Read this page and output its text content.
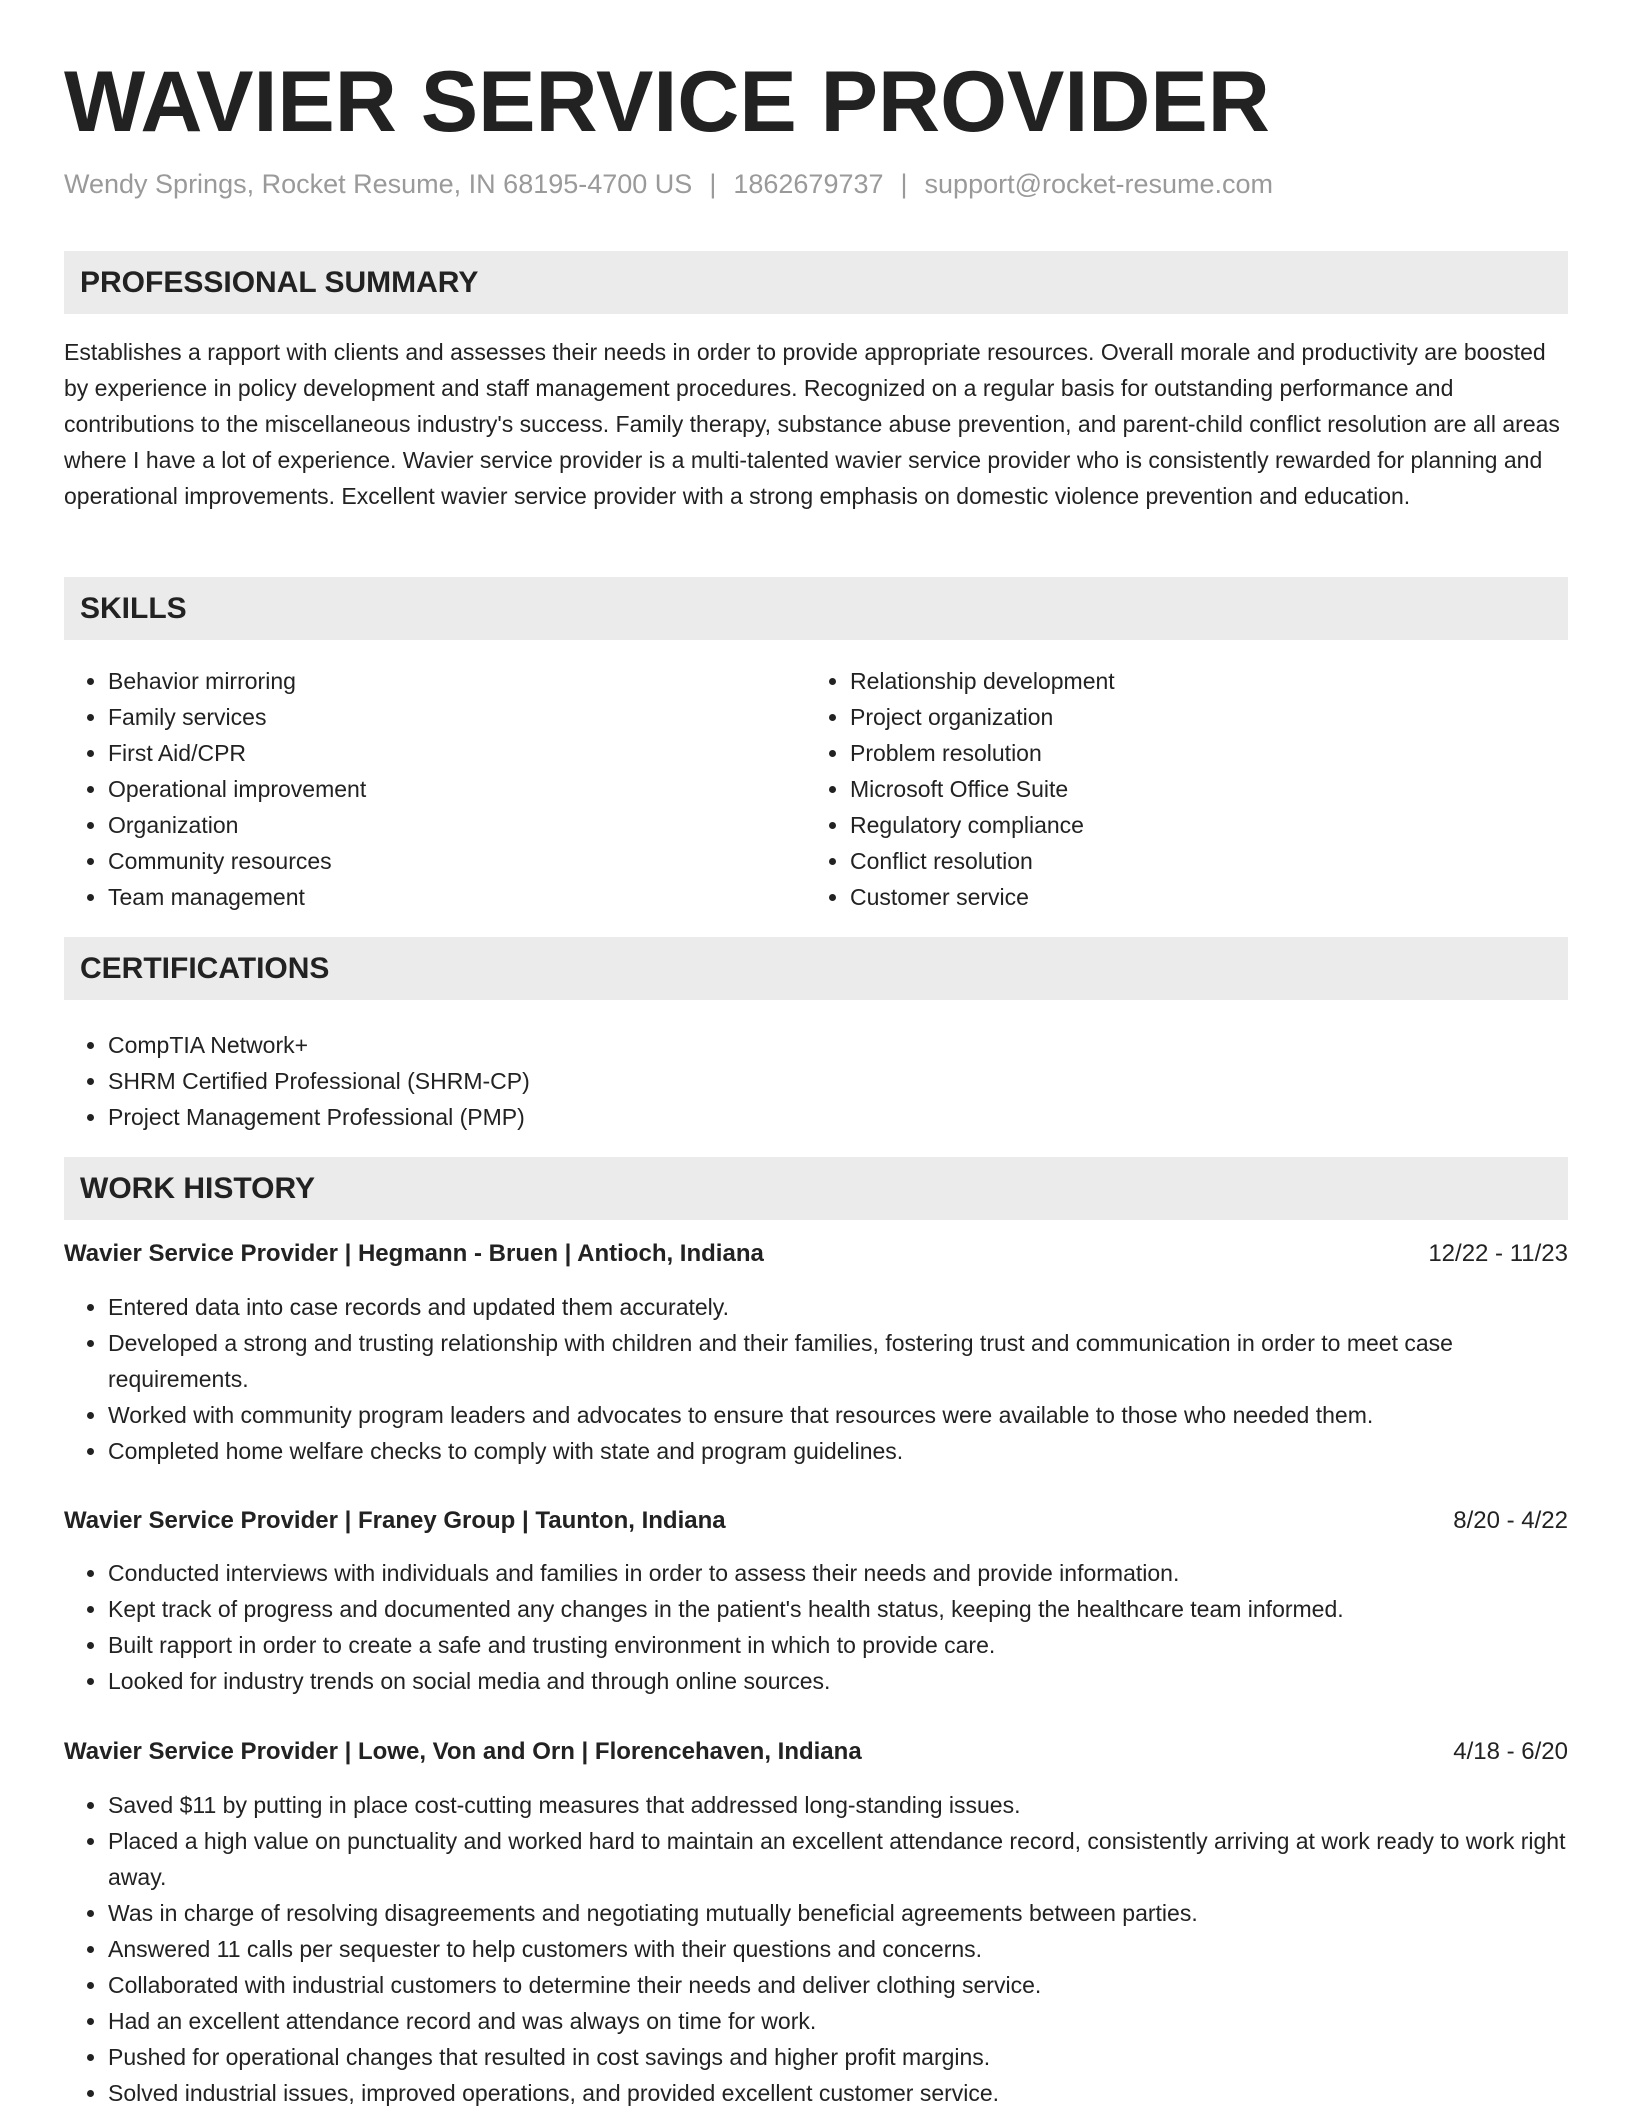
WAVIER SERVICE PROVIDER
Wendy Springs, Rocket Resume, IN 68195-4700 US | 1862679737 | support@rocket-resume.com
PROFESSIONAL SUMMARY

Establishes a rapport with clients and assesses their needs in order to provide appropriate resources. Overall morale and productivity are boosted by experience in policy development and staff management procedures. Recognized on a regular basis for outstanding performance and contributions to the miscellaneous industry's success. Family therapy, substance abuse prevention, and parent-child conflict resolution are all areas where I have a lot of experience. Wavier service provider is a multi-talented wavier service provider who is consistently rewarded for planning and operational improvements. Excellent wavier service provider with a strong emphasis on domestic violence prevention and education.

SKILLS
• Behavior mirroring
• Family services
• First Aid/CPR
• Operational improvement
• Organization
• Community resources
• Team management
• Relationship development
• Project organization
• Problem resolution
• Microsoft Office Suite
• Regulatory compliance
• Conflict resolution
• Customer service
CERTIFICATIONS
• CompTIA Network+
• SHRM Certified Professional (SHRM-CP)
• Project Management Professional (PMP)
WORK HISTORY
Wavier Service Provider | Hegmann - Bruen | Antioch, Indiana	12/22 - 11/23
• Entered data into case records and updated them accurately.
• Developed a strong and trusting relationship with children and their families, fostering trust and communication in order to meet case requirements.
• Worked with community program leaders and advocates to ensure that resources were available to those who needed them.
• Completed home welfare checks to comply with state and program guidelines.
Wavier Service Provider | Franey Group | Taunton, Indiana	8/20 - 4/22
• Conducted interviews with individuals and families in order to assess their needs and provide information.
• Kept track of progress and documented any changes in the patient's health status, keeping the healthcare team informed.
• Built rapport in order to create a safe and trusting environment in which to provide care.
• Looked for industry trends on social media and through online sources.
Wavier Service Provider | Lowe, Von and Orn | Florencehaven, Indiana	4/18 - 6/20
• Saved $11 by putting in place cost-cutting measures that addressed long-standing issues.
• Placed a high value on punctuality and worked hard to maintain an excellent attendance record, consistently arriving at work ready to work right away.
• Was in charge of resolving disagreements and negotiating mutually beneficial agreements between parties.
• Answered 11 calls per sequester to help customers with their questions and concerns.
• Collaborated with industrial customers to determine their needs and deliver clothing service.
• Had an excellent attendance record and was always on time for work.
• Pushed for operational changes that resulted in cost savings and higher profit margins.
• Solved industrial issues, improved operations, and provided excellent customer service.
